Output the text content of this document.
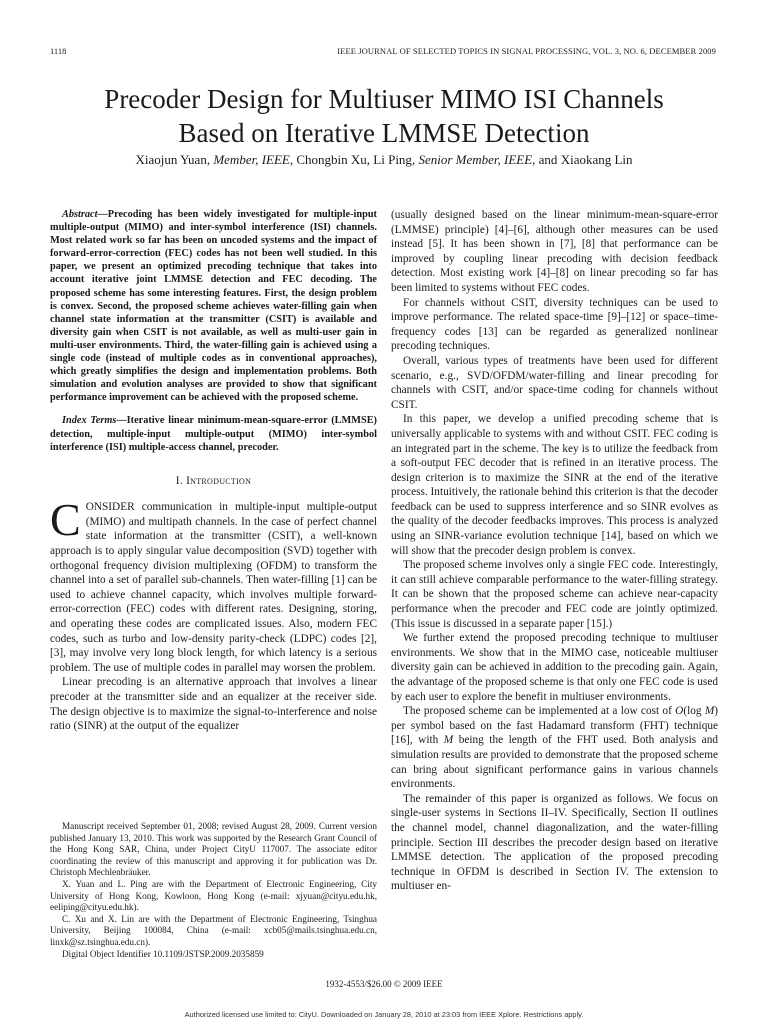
1118	IEEE JOURNAL OF SELECTED TOPICS IN SIGNAL PROCESSING, VOL. 3, NO. 6, DECEMBER 2009
Precoder Design for Multiuser MIMO ISI Channels
Based on Iterative LMMSE Detection
Xiaojun Yuan, Member, IEEE, Chongbin Xu, Li Ping, Senior Member, IEEE, and Xiaokang Lin

Abstract—Precoding has been widely investigated for multiple-input multiple-output (MIMO) and inter-symbol interference (ISI) channels. Most related work so far has been on uncoded systems and the impact of forward-error-correction (FEC) codes has not been well studied. In this paper, we present an optimized precoding technique that takes into account iterative joint LMMSE detection and FEC decoding. The proposed scheme has some interesting features. First, the design problem is convex. Second, the proposed scheme achieves water-filling gain when channel state information at the transmitter (CSIT) is available and diversity gain when CSIT is not available, as well as multi-user gain in multi-user environments. Third, the water-filling gain is achieved using a single code (instead of multiple codes as in conventional approaches), which greatly simplifies the design and implementation problems. Both simulation and evolution analyses are provided to show that significant performance improvement can be achieved with the proposed scheme.

Index Terms—Iterative linear minimum-mean-square-error (LMMSE) detection, multiple-input multiple-output (MIMO) inter-symbol interference (ISI) multiple-access channel, precoder.

I. Introduction

CONSIDER communication in multiple-input multiple-output (MIMO) and multipath channels. In the case of perfect channel state information at the transmitter (CSIT), a well-known approach is to apply singular value decomposition (SVD) together with orthogonal frequency division multiplexing (OFDM) to transform the channel into a set of parallel sub-channels. Then water-filling [1] can be used to achieve channel capacity, which involves multiple forward-error-correction (FEC) codes with different rates. Designing, storing, and operating these codes are complicated issues. Also, modern FEC codes, such as turbo and low-density parity-check (LDPC) codes [2], [3], may involve very long block length, for which latency is a serious problem. The use of multiple codes in parallel may worsen the problem.

Linear precoding is an alternative approach that involves a linear precoder at the transmitter side and an equalizer at the receiver side. The design objective is to maximize the signal-to-interference and noise ratio (SINR) at the output of the equalizer

Manuscript received September 01, 2008; revised August 28, 2009. Current version published January 13, 2010. This work was supported by the Research Grant Council of the Hong Kong SAR, China, under Project CityU 117007. The associate editor coordinating the review of this manuscript and approving it for publication was Dr. Christoph Mechlenbräuker.

X. Yuan and L. Ping are with the Department of Electronic Engineering, City University of Hong Kong, Kowloon, Hong Kong (e-mail: xjyuan@cityu.edu.hk, eeliping@cityu.edu.hk).

C. Xu and X. Lin are with the Department of Electronic Engineering, Tsinghua University, Beijing 100084, China (e-mail: xcb05@mails.tsinghua.edu.cn, linxk@sz.tsinghua.edu.cn).

Digital Object Identifier 10.1109/JSTSP.2009.2035859

(usually designed based on the linear minimum-mean-square-error (LMMSE) principle) [4]–[6], although other measures can be used instead [5]. It has been shown in [7], [8] that performance can be improved by coupling linear precoding with decision feedback detection. Most existing work [4]–[8] on linear precoding so far has been limited to systems without FEC codes.

For channels without CSIT, diversity techniques can be used to improve performance. The related space-time [9]–[12] or space–time-frequency codes [13] can be regarded as generalized nonlinear precoding techniques.

Overall, various types of treatments have been used for different scenario, e.g., SVD/OFDM/water-filling and linear precoding for channels with CSIT, and/or space-time coding for channels without CSIT.

In this paper, we develop a unified precoding scheme that is universally applicable to systems with and without CSIT. FEC coding is an integrated part in the scheme. The key is to utilize the feedback from a soft-output FEC decoder that is refined in an iterative process. The design criterion is to maximize the SINR at the end of the iterative process. Intuitively, the rationale behind this criterion is that the decoder feedback can be used to suppress interference and so SINR evolves as the quality of the decoder feedbacks improves. This process is analyzed using an SINR-variance evolution technique [14], based on which we will show that the precoder design problem is convex.

The proposed scheme involves only a single FEC code. Interestingly, it can still achieve comparable performance to the water-filling strategy. It can be shown that the proposed scheme can achieve near-capacity performance when the precoder and FEC code are jointly optimized. (This issue is discussed in a separate paper [15].)

We further extend the proposed precoding technique to multiuser environments. We show that in the MIMO case, noticeable multiuser diversity gain can be achieved in addition to the precoding gain. Again, the advantage of the proposed scheme is that only one FEC code is used by each user to explore the benefit in multiuser environments.

The proposed scheme can be implemented at a low cost of O(log M) per symbol based on the fast Hadamard transform (FHT) technique [16], with M being the length of the FHT used. Both analysis and simulation results are provided to demonstrate that the proposed scheme can bring about significant performance gains in various channels environments.

The remainder of this paper is organized as follows. We focus on single-user systems in Sections II–IV. Specifically, Section II outlines the channel model, channel diagonalization, and the water-filling principle. Section III describes the precoder design based on iterative LMMSE detection. The application of the proposed precoding technique in OFDM is described in Section IV. The extension to multiuser en-

1932-4553/$26.00 © 2009 IEEE
Authorized licensed use limited to: CityU. Downloaded on January 28, 2010 at 23:03 from IEEE Xplore. Restrictions apply.
